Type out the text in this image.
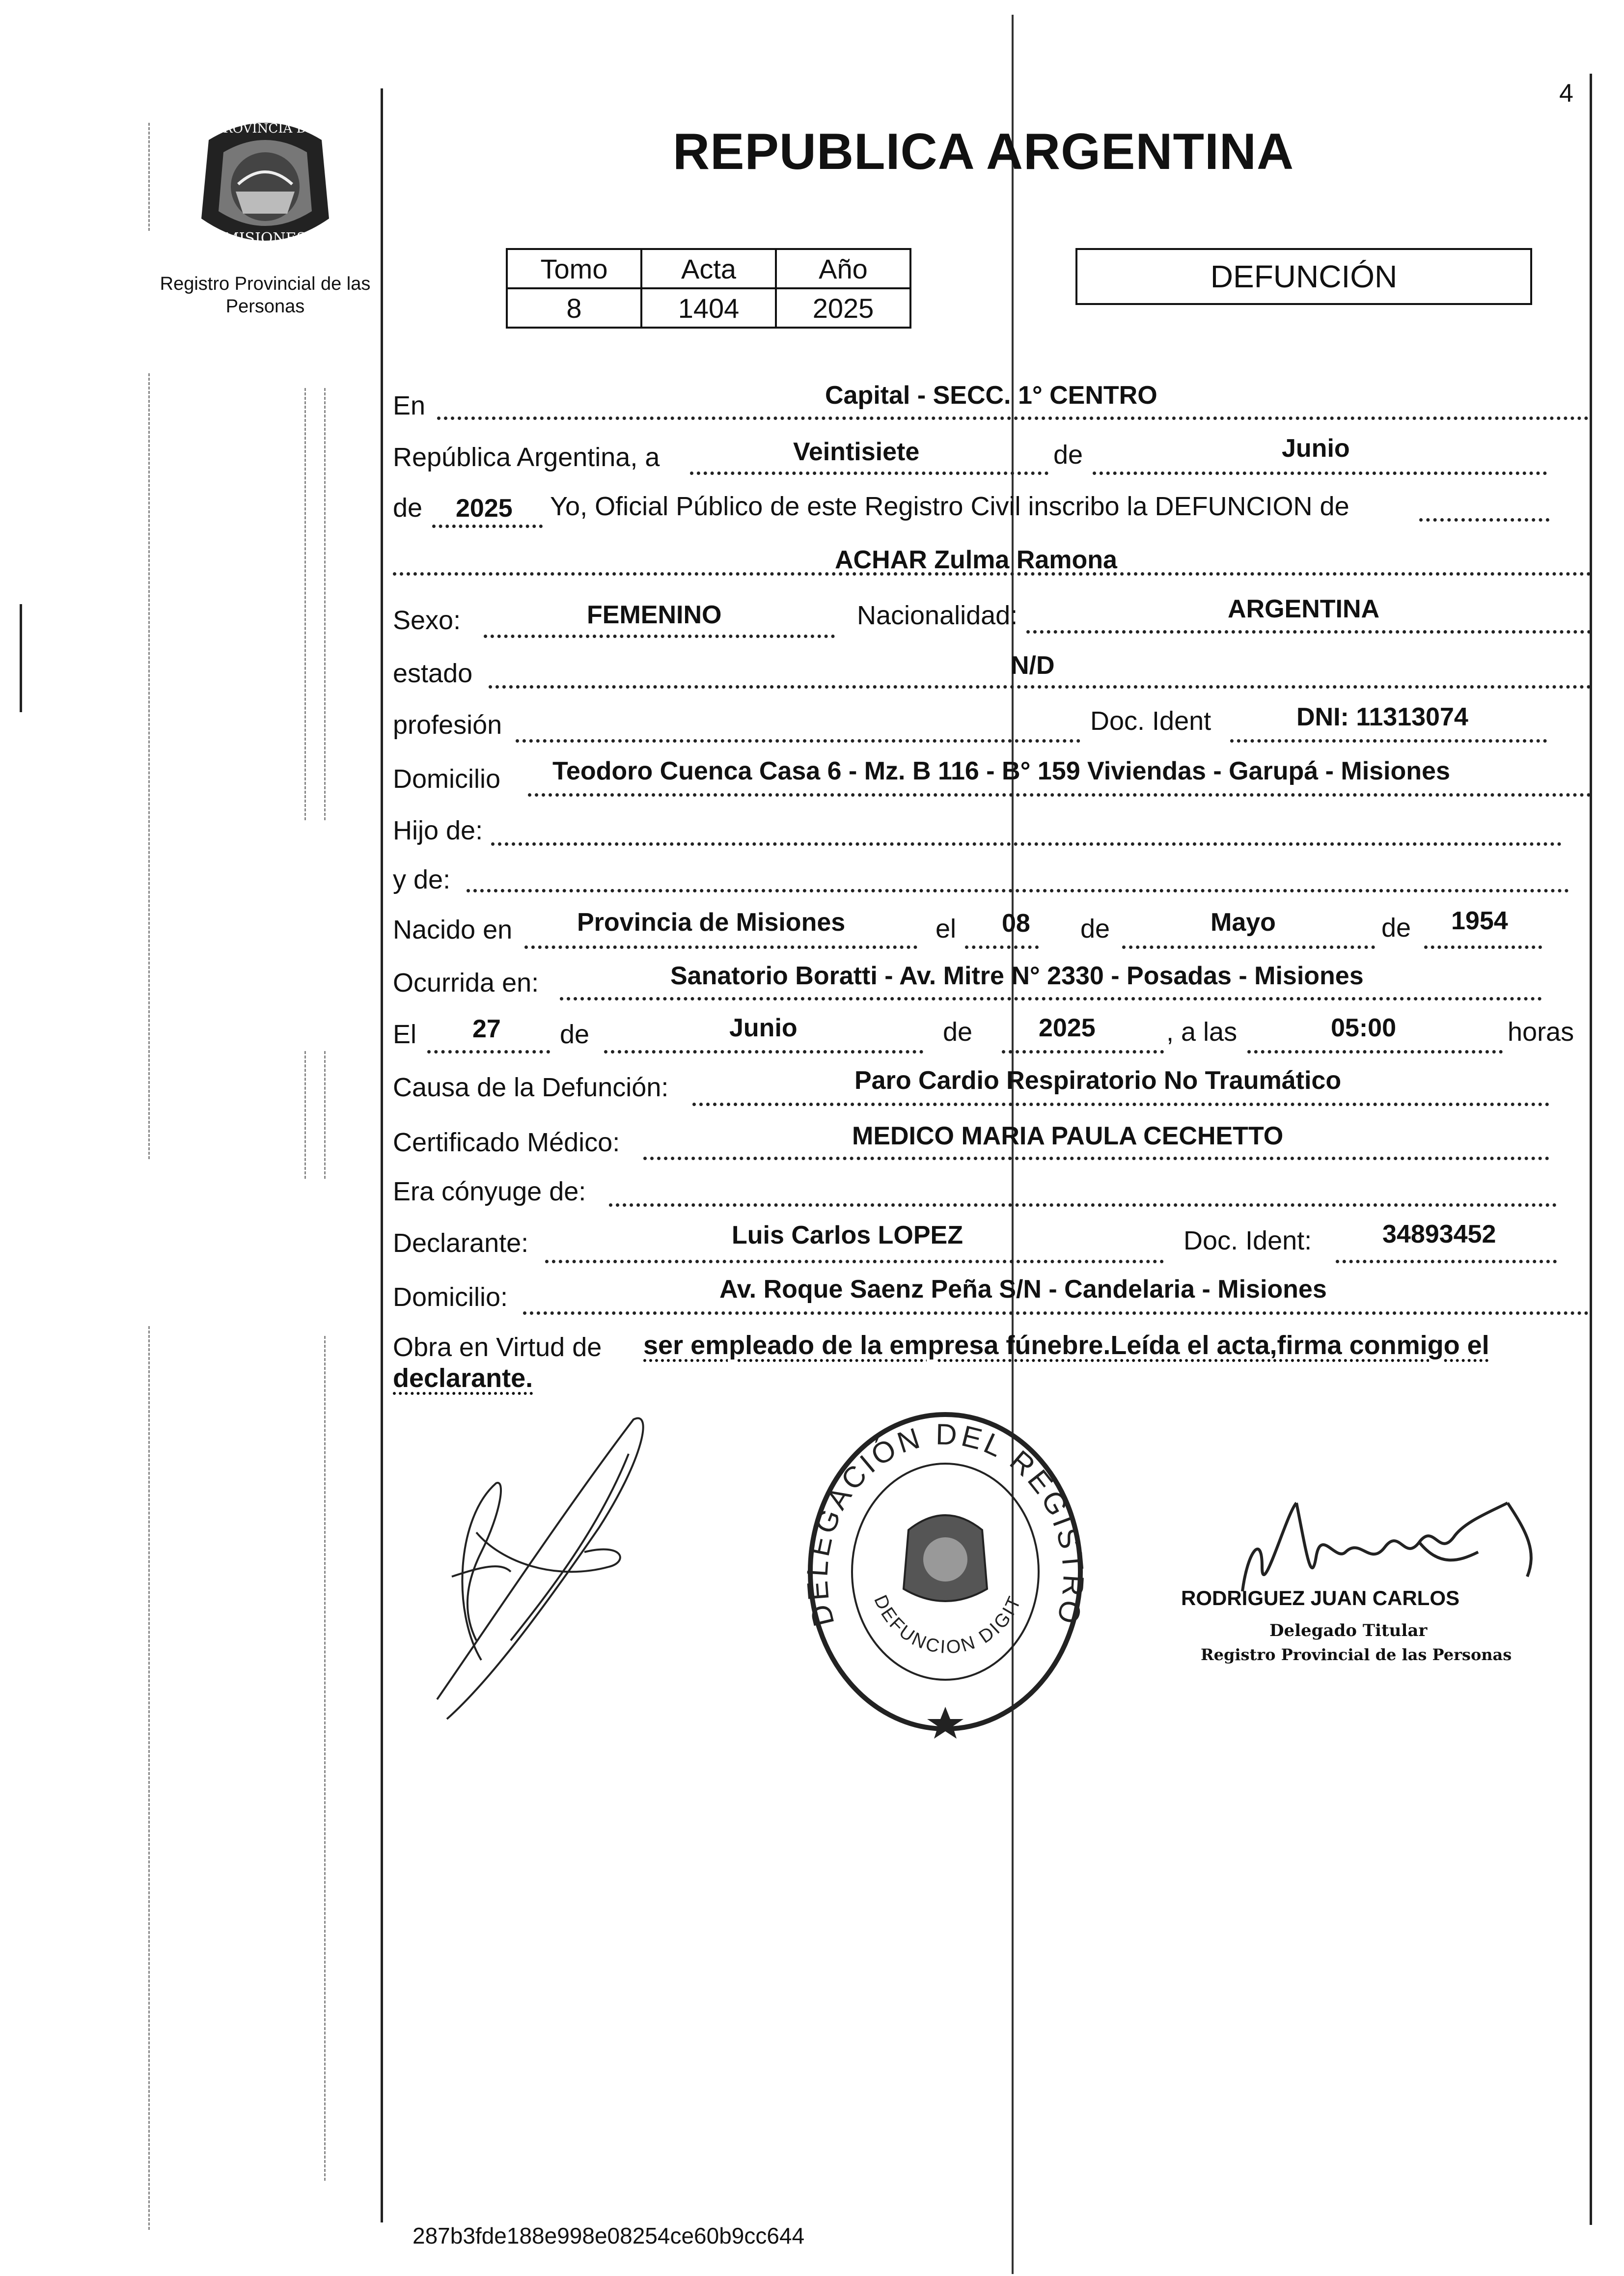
PROVINCIA DE
MISIONES
Registro Provincial de las Personas
4
REPUBLICA ARGENTINA
Tomo	Acta	Año
8	1404	2025
DEFUNCIÓN
En	Capital - SECC. 1° CENTRO
República Argentina, a	Veintisiete	de	Junio
de 2025 Yo, Oficial Público de este Registro Civil inscribo la DEFUNCION de
ACHAR Zulma Ramona
Sexo:	FEMENINO	Nacionalidad:	ARGENTINA
estado	N/D
profesión	Doc. Ident	DNI: 11313074
Domicilio Teodoro Cuenca Casa 6 - Mz. B 116 - B° 159 Viviendas - Garupá - Misiones
Hijo de:
y de:
Nacido en	Provincia de Misiones	el 08 de	Mayo	de 1954
Ocurrida en:	Sanatorio Boratti - Av. Mitre N° 2330 - Posadas - Misiones
El 27 de	Junio	de	2025	, a las	05:00	horas
Causa de la Defunción:	Paro Cardio Respiratorio No Traumático
Certificado Médico:	MEDICO MARIA PAULA CECHETTO
Era cónyuge de:
Declarante:	Luis Carlos LOPEZ	Doc. Ident:	34893452
Domicilio:	Av. Roque Saenz Peña S/N - Candelaria - Misiones
Obra en Virtud de ser empleado de la empresa fúnebre.Leída el acta,firma conmigo el
declarante.
DELEGACIÓN DEL REGISTRO
DEFUNCION DIGIT	RODRIGUEZ JUAN CARLOS
Delegado Titular
Registro Provincial de las Personas
287b3fde188e998e08254ce60b9cc644
